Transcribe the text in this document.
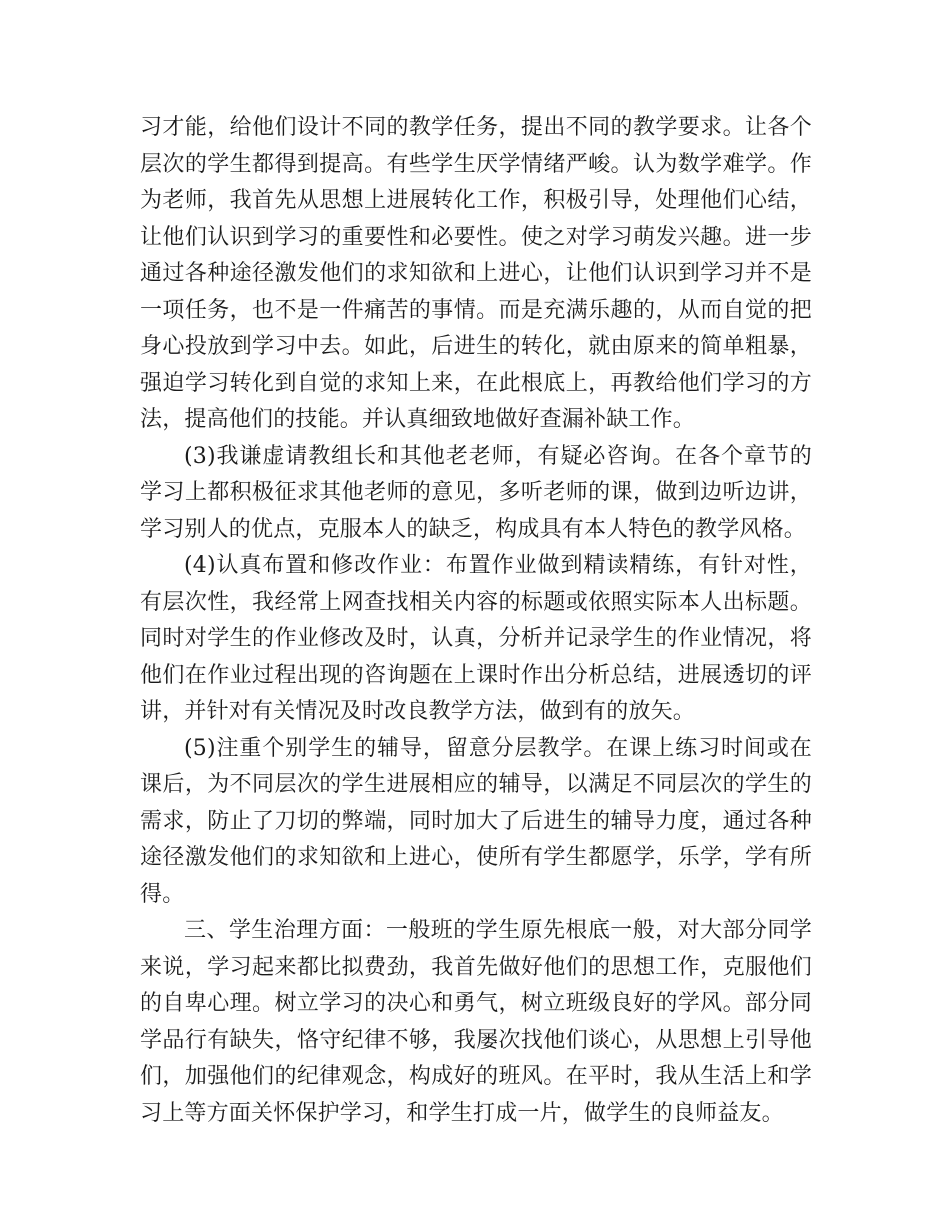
习才能，给他们设计不同的教学任务，提出不同的教学要求。让各个层次的学生都得到提高。有些学生厌学情绪严峻。认为数学难学。作为老师，我首先从思想上进展转化工作，积极引导，处理他们心结，让他们认识到学习的重要性和必要性。使之对学习萌发兴趣。进一步通过各种途径激发他们的求知欲和上进心，让他们认识到学习并不是一项任务，也不是一件痛苦的事情。而是充满乐趣的，从而自觉的把身心投放到学习中去。如此，后进生的转化，就由原来的简单粗暴，强迫学习转化到自觉的求知上来，在此根底上，再教给他们学习的方法，提高他们的技能。并认真细致地做好查漏补缺工作。

(3)我谦虚请教组长和其他老老师，有疑必咨询。在各个章节的学习上都积极征求其他老师的意见，多听老师的课，做到边听边讲，学习别人的优点，克服本人的缺乏，构成具有本人特色的教学风格。

(4)认真布置和修改作业：布置作业做到精读精练，有针对性，有层次性，我经常上网查找相关内容的标题或依照实际本人出标题。同时对学生的作业修改及时，认真，分析并记录学生的作业情况，将他们在作业过程出现的咨询题在上课时作出分析总结，进展透切的评讲，并针对有关情况及时改良教学方法，做到有的放矢。

(5)注重个别学生的辅导，留意分层教学。在课上练习时间或在课后，为不同层次的学生进展相应的辅导，以满足不同层次的学生的需求，防止了刀切的弊端，同时加大了后进生的辅导力度，通过各种途径激发他们的求知欲和上进心，使所有学生都愿学，乐学，学有所得。

三、学生治理方面：一般班的学生原先根底一般，对大部分同学来说，学习起来都比拟费劲，我首先做好他们的思想工作，克服他们的自卑心理。树立学习的决心和勇气，树立班级良好的学风。部分同学品行有缺失，恪守纪律不够，我屡次找他们谈心，从思想上引导他们，加强他们的纪律观念，构成好的班风。在平时，我从生活上和学习上等方面关怀保护学习，和学生打成一片，做学生的良师益友。
